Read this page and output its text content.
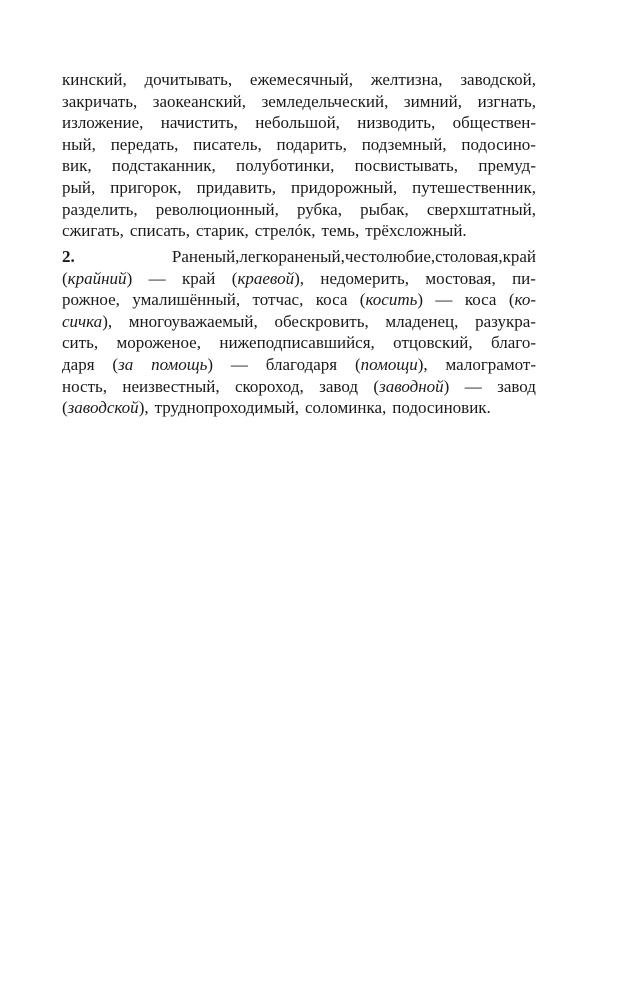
кинский, дочитывать, ежемесячный, желтизна, заводской,
закричать, заокеанский, земледельческий, зимний, изгнать,
изложение, начистить, небольшой, низводить, обществен-
ный, передать, писатель, подарить, подземный, подосино-
вик, подстаканник, полуботинки, посвистывать, премуд-
рый, пригорок, придавить, придорожный, путешественник,
разделить, революционный, рубка, рыбак, сверхштатный,
сжигать, списать, старик, стрелóк, темь, трёхсложный.
2.	Раненый,легкораненый,честолюбие,столовая,край
(крайний) — край (краевой), недомерить, мостовая, пи-
рожное, умалишённый, тотчас, коса (косить) — коса (ко-
сичка), многоуважаемый, обескровить, младенец, разукра-
сить, мороженое, нижеподписавшийся, отцовский, благо-
даря (за помощь) — благодаря (помощи), малограмот-
ность, неизвестный, скороход, завод (заводной) — завод
(заводской), труднопроходимый, соломинка, подосиновик.
